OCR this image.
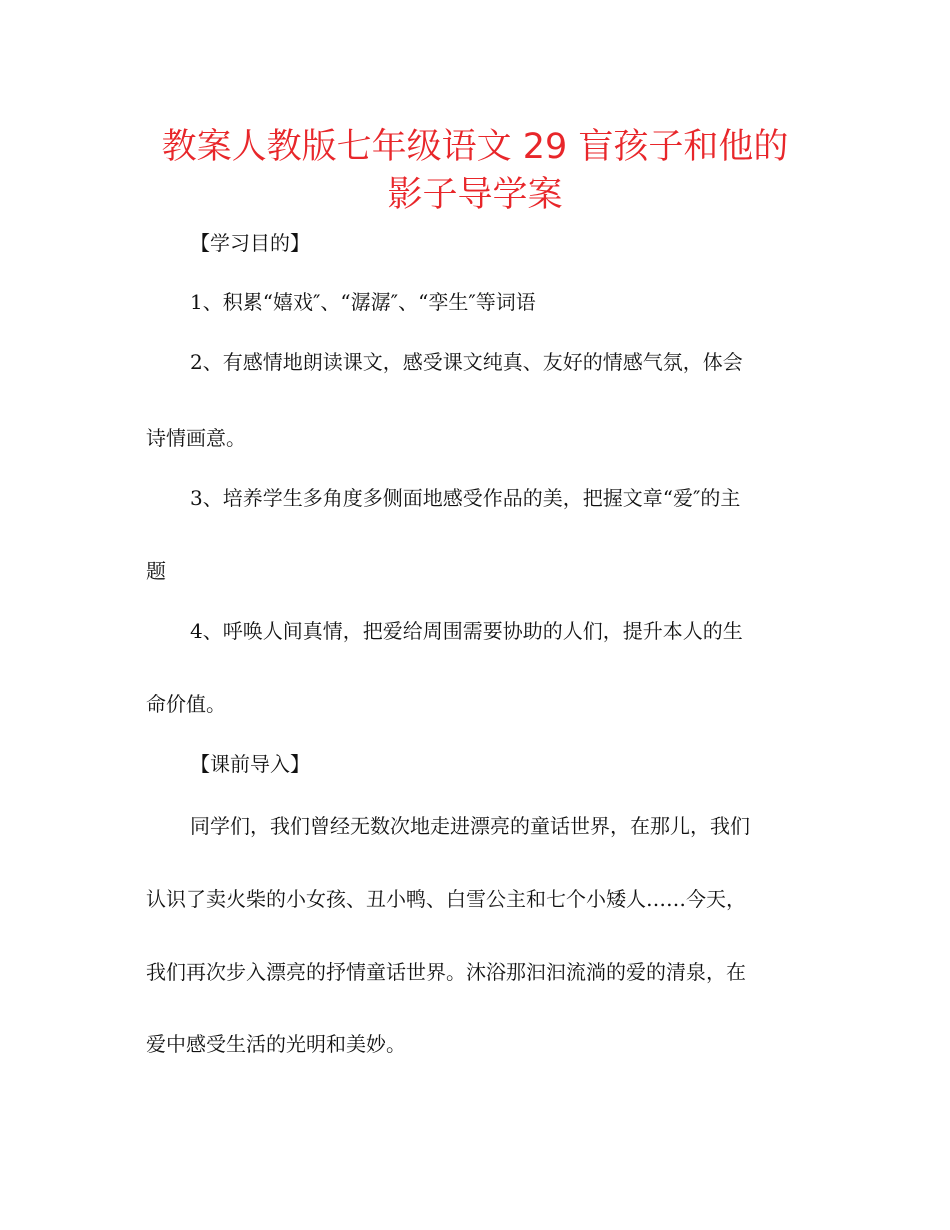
教案人教版七年级语文 29 盲孩子和他的
影子导学案
【学习目的】
1、积累“嬉戏″、“潺潺″、“孪生″等词语
2、有感情地朗读课文，感受课文纯真、友好的情感气氛，体会
诗情画意。
3、培养学生多角度多侧面地感受作品的美，把握文章“爱″的主
题
4、呼唤人间真情，把爱给周围需要协助的人们，提升本人的生
命价值。
【课前导入】
同学们，我们曾经无数次地走进漂亮的童话世界，在那儿，我们
认识了卖火柴的小女孩、丑小鸭、白雪公主和七个小矮人……今天，
我们再次步入漂亮的抒情童话世界。沐浴那汩汩流淌的爱的清泉，在
爱中感受生活的光明和美妙。
